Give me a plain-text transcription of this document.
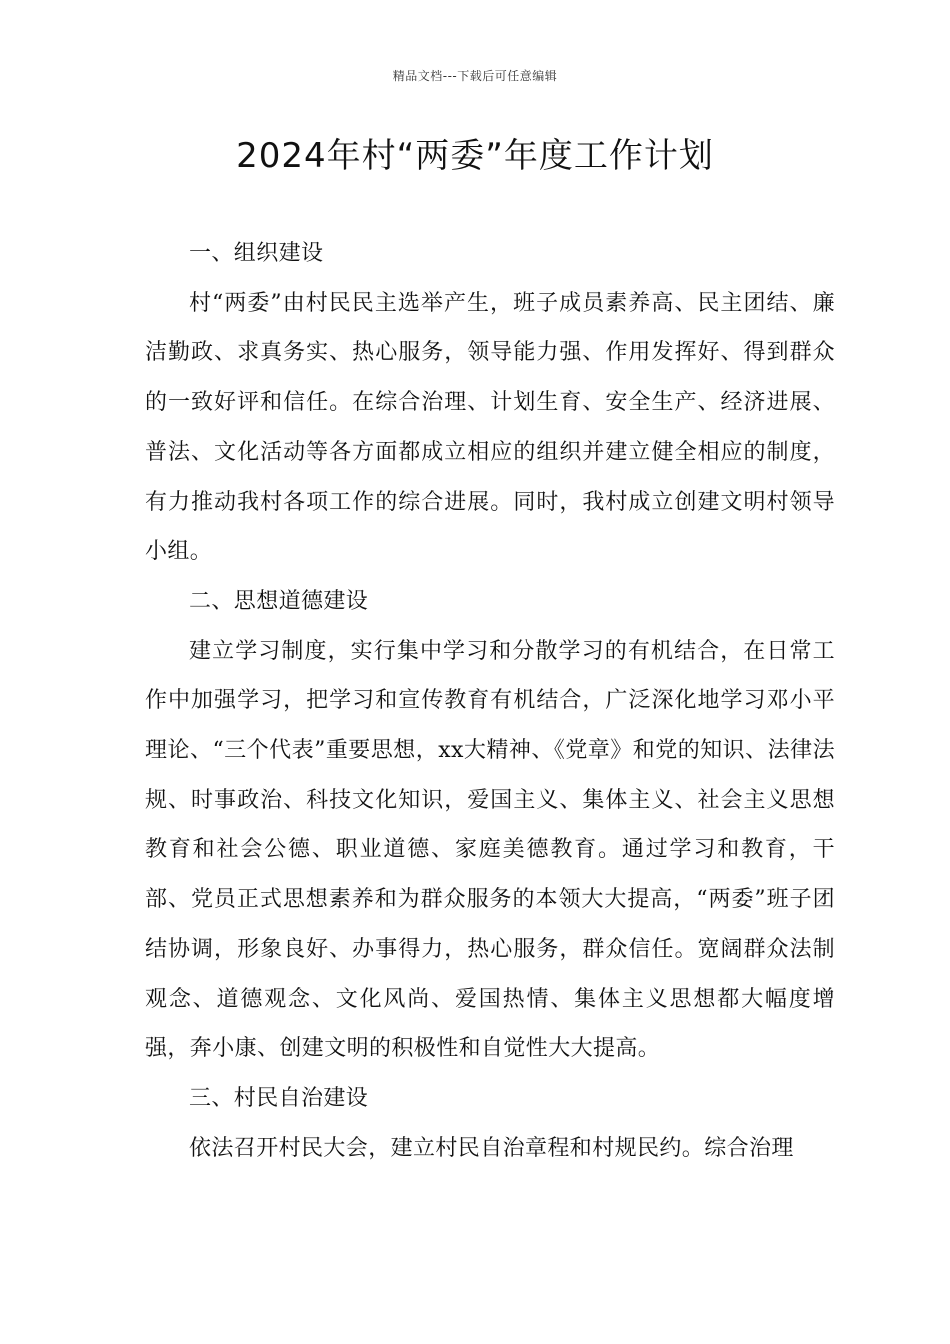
精品文档---下载后可任意编辑
2024年村“两委”年度工作计划
一、组织建设

村“两委”由村民民主选举产生，班子成员素养高、民主团结、廉洁勤政、求真务实、热心服务，领导能力强、作用发挥好、得到群众的一致好评和信任。在综合治理、计划生育、安全生产、经济进展、普法、文化活动等各方面都成立相应的组织并建立健全相应的制度，有力推动我村各项工作的综合进展。同时，我村成立创建文明村领导小组。

二、思想道德建设

建立学习制度，实行集中学习和分散学习的有机结合，在日常工作中加强学习，把学习和宣传教育有机结合，广泛深化地学习邓小平理论、“三个代表”重要思想，xx大精神、《党章》和党的知识、法律法规、时事政治、科技文化知识，爱国主义、集体主义、社会主义思想教育和社会公德、职业道德、家庭美德教育。通过学习和教育，干部、党员正式思想素养和为群众服务的本领大大提高，“两委”班子团结协调，形象良好、办事得力，热心服务，群众信任。宽阔群众法制观念、道德观念、文化风尚、爱国热情、集体主义思想都大幅度增强，奔小康、创建文明的积极性和自觉性大大提高。

三、村民自治建设

依法召开村民大会，建立村民自治章程和村规民约。综合治理
